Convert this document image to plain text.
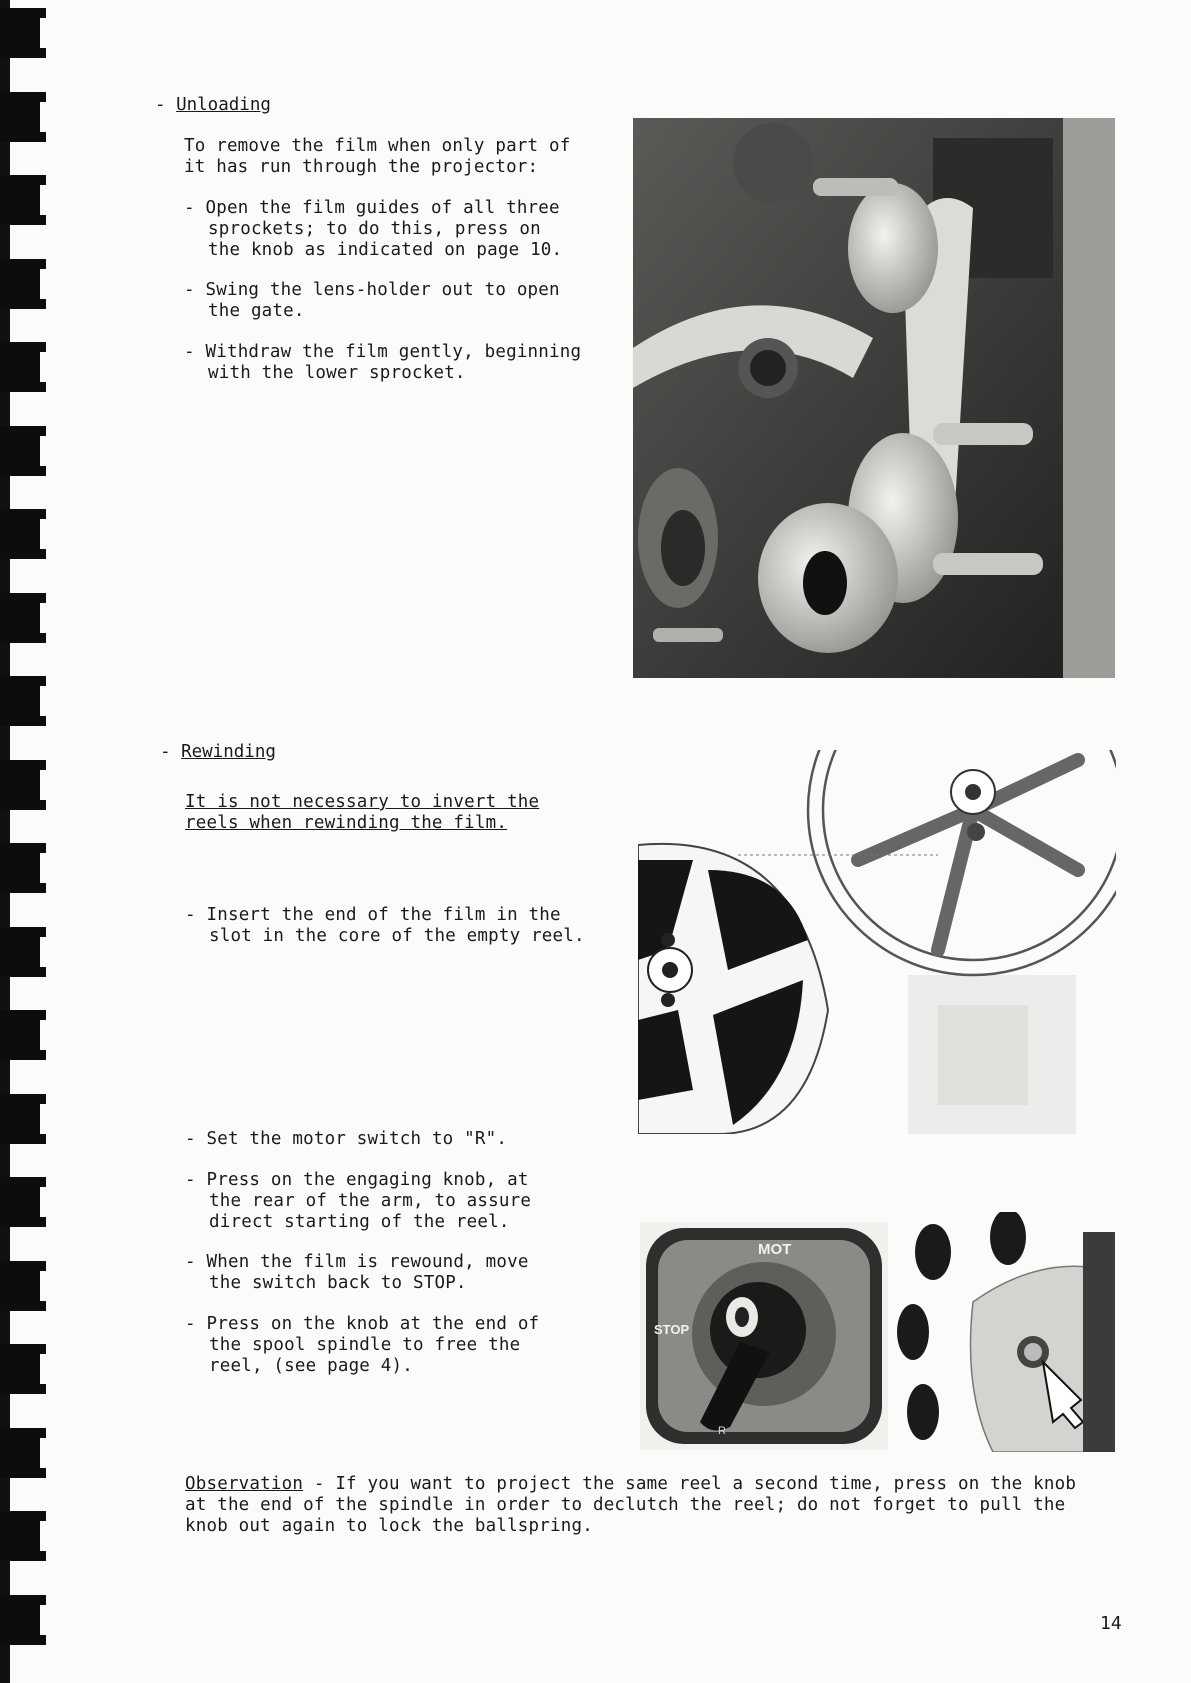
- Unloading
To remove the film when only part of
it has run through the projector:
- Open the film guides of all three
sprockets; to do this, press on
the knob as indicated on page 10.
- Swing the lens-holder out to open
the gate.
- Withdraw the film gently, beginning
with the lower sprocket.
- Rewinding
It is not necessary to invert the
reels when rewinding the film.
- Insert the end of the film in the
slot in the core of the empty reel.
- Set the motor switch to "R".
- Press on the engaging knob, at
the rear of the arm, to assure
direct starting of the reel.
- When the film is rewound, move
the switch back to STOP.
- Press on the knob at the end of
the spool spindle to free the
reel, (see page 4).
MOT
STOP
R
Observation - If you want to project the same reel a second time, press on the knob
at the end of the spindle in order to declutch the reel; do not forget to pull the
knob out again to lock the ballspring.
14
